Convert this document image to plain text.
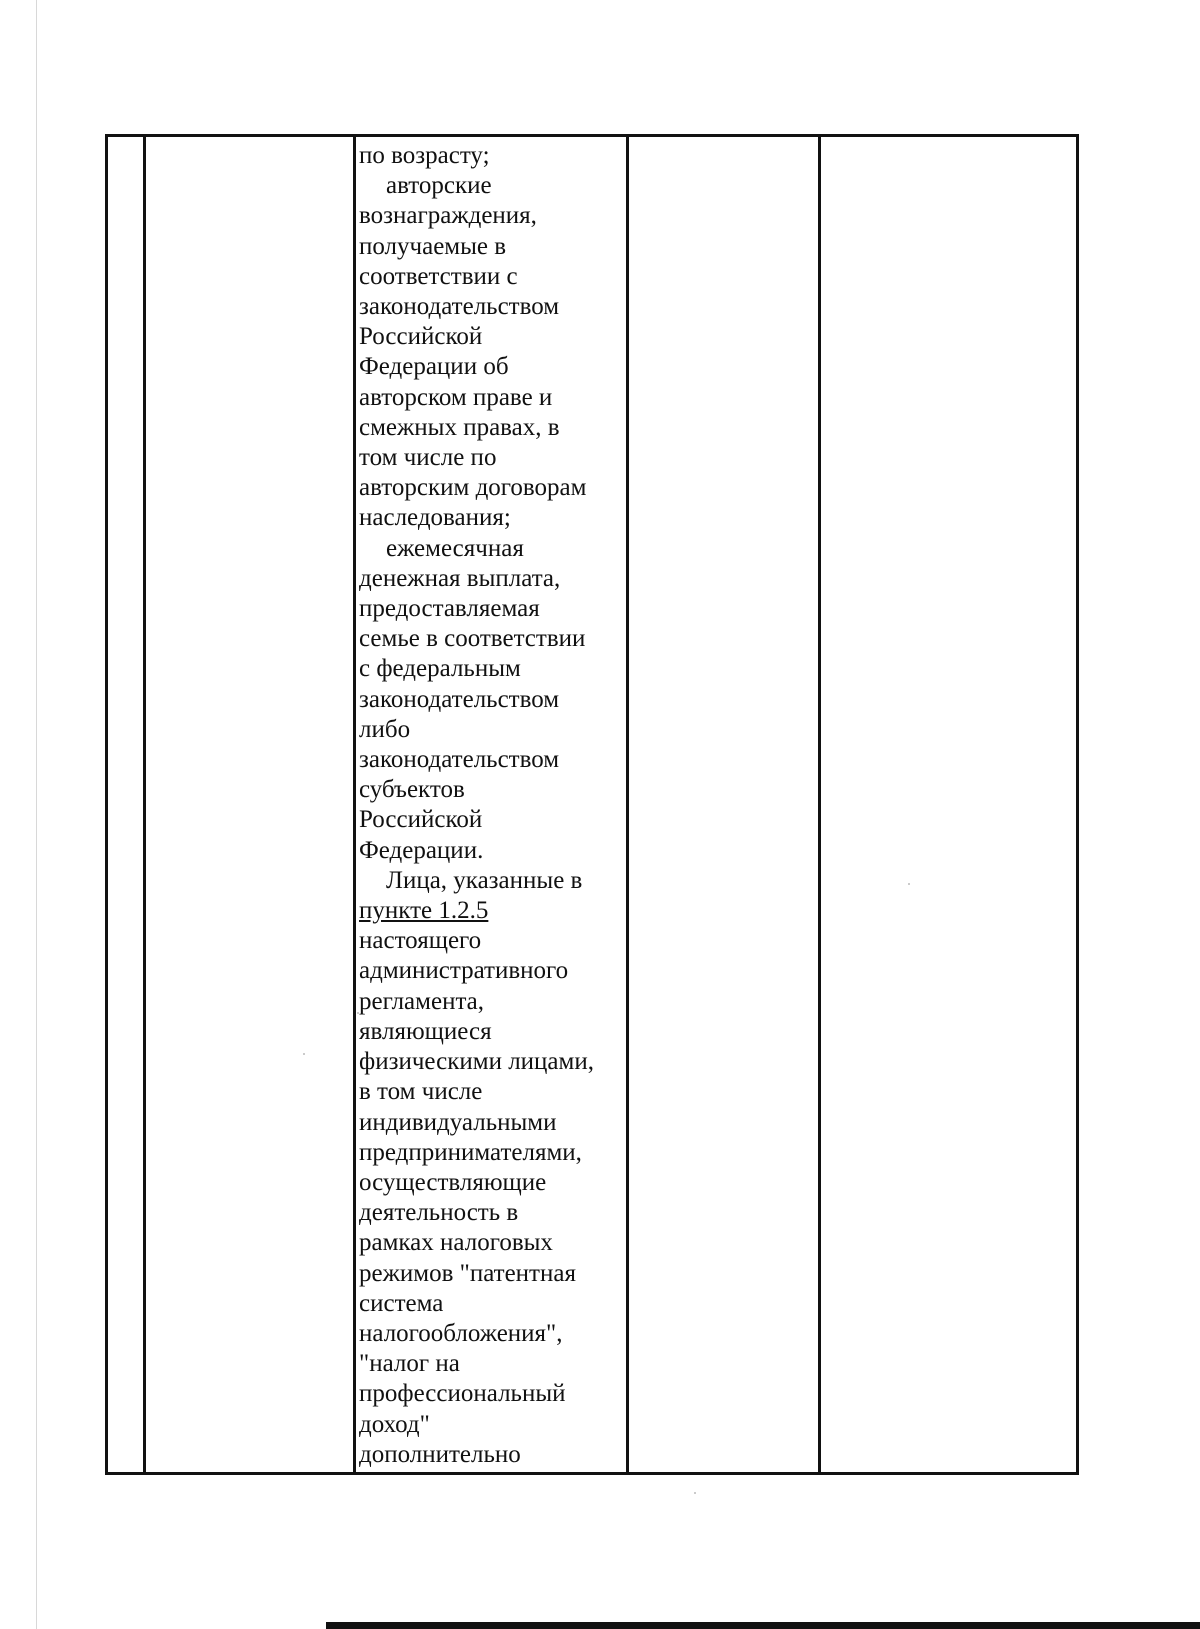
по возрасту;
авторские
вознаграждения,
получаемые в
соответствии с
законодательством
Российской
Федерации об
авторском праве и
смежных правах, в
том числе по
авторским договорам
наследования;
ежемесячная
денежная выплата,
предоставляемая
семье в соответствии
с федеральным
законодательством
либо
законодательством
субъектов
Российской
Федерации.
Лица, указанные в
пункте 1.2.5
настоящего
административного
регламента,
являющиеся
физическими лицами,
в том числе
индивидуальными
предпринимателями,
осуществляющие
деятельность в
рамках налоговых
режимов "патентная
система
налогообложения",
"налог на
профессиональный
доход"
дополнительно
